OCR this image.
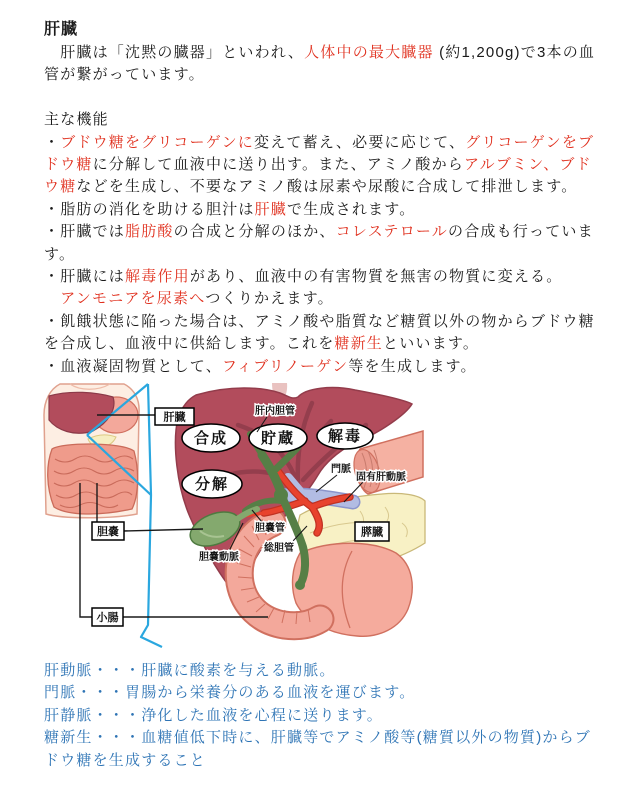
肝臓
　肝臓は「沈黙の臓器」といわれ、人体中の最大臓器 (約1,200g)で3本の血
管が繋がっています。
主な機能
・ブドウ糖をグリコーゲンに変えて蓄え、必要に応じて、グリコーゲンをブ
ドウ糖に分解して血液中に送り出す。また、アミノ酸からアルブミン、ブド
ウ糖などを生成し、不要なアミノ酸は尿素や尿酸に合成して排泄します。
・脂肪の消化を助ける胆汁は肝臓で生成されます。
・肝臓では脂肪酸の合成と分解のほか、コレステロールの合成も行っていま
す。
・肝臓には解毒作用があり、血液中の有害物質を無害の物質に変える。
　アンモニアを尿素へつくりかえます。
・飢餓状態に陥った場合は、アミノ酸や脂質など糖質以外の物からブドウ糖
を合成し、血液中に供給します。これを糖新生といいます。
・血液凝固物質として、フィブリノーゲン等を生成します。
合成 貯蔵 解毒
分解
肝臓
胆嚢
小腸
膵臓
肝内胆管
門脈
固有肝動脈
胆嚢管
総胆管
胆嚢動脈
肝動脈・・・肝臓に酸素を与える動脈。
門脈・・・胃腸から栄養分のある血液を運びます。
肝静脈・・・浄化した血液を心程に送ります。
糖新生・・・血糖値低下時に、肝臓等でアミノ酸等(糖質以外の物質)からブ
ドウ糖を生成すること
